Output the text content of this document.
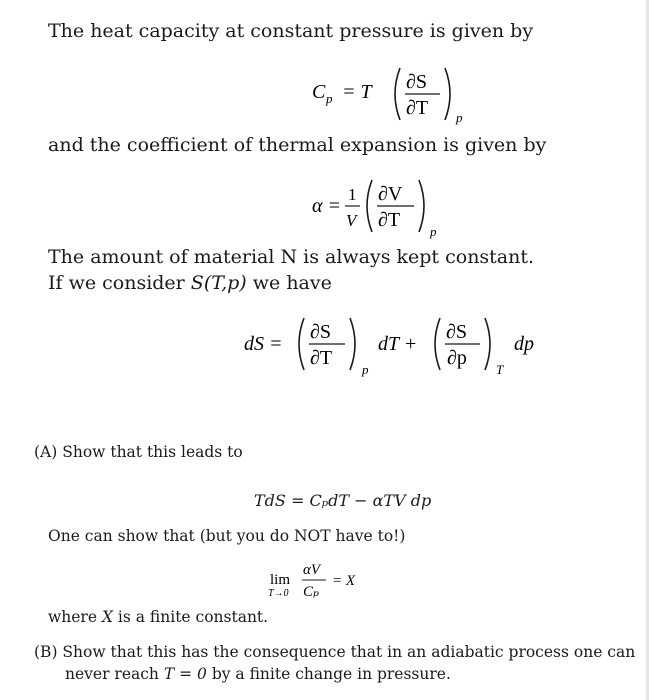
The heat capacity at constant pressure is given by
C p = T ∂S
∂T p
and the coefficient of thermal expansion is given by
α =
1
V
∂V
∂T
p
The amount of material N is always kept constant.
If we consider S(T,p) we have
dS =
∂S
∂T
p
dT +
∂S
∂p
T
dp
(A) Show that this leads to
TdS = CₚdT − αTV dp
One can show that (but you do NOT have to!)
lim
T→0
αV
Cₚ
= X
where X is a finite constant.
(B) Show that this has the consequence that in an adiabatic process one can
never reach T = 0 by a finite change in pressure.
